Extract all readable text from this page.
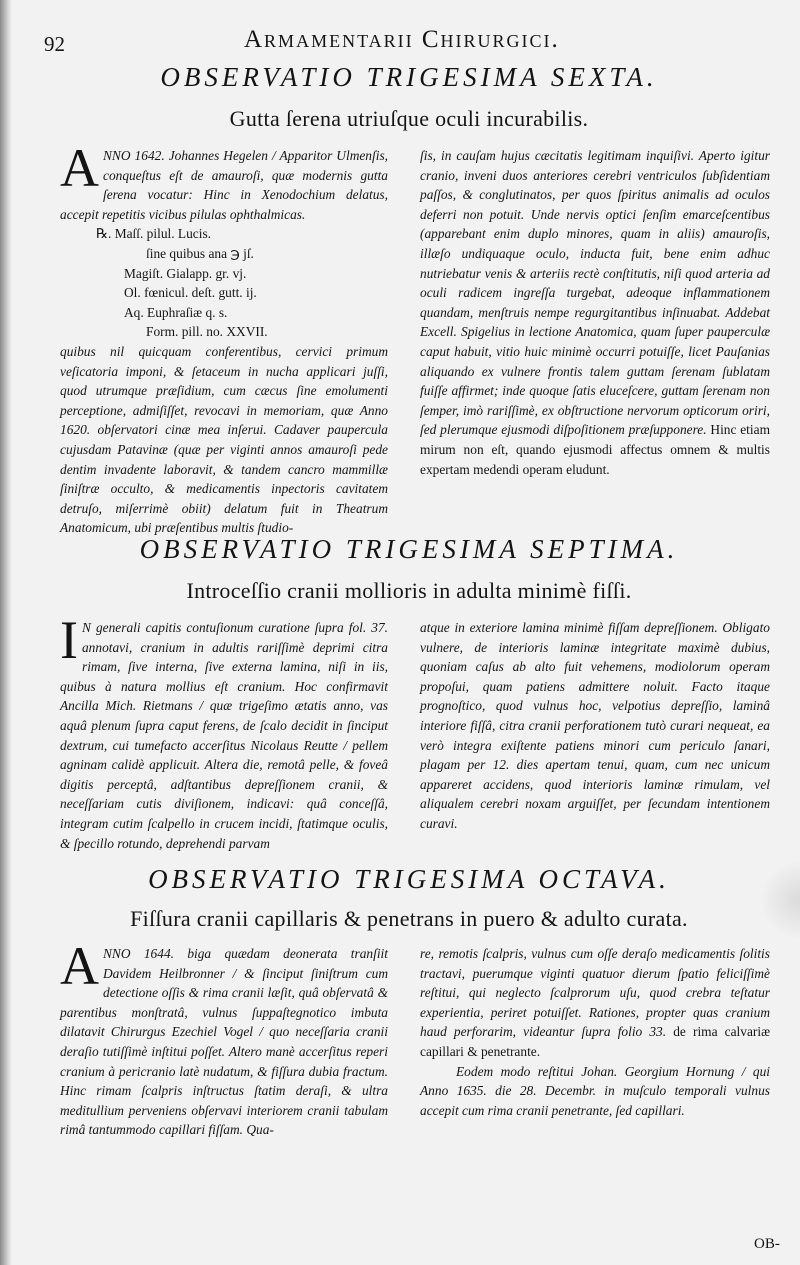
92	Armamentarii Chirurgici.
OBSERVATIO TRIGESIMA SEXTA.
Gutta ſerena utriuſque oculi incurabilis.

A NNO 1642. Johannes Hegelen / Apparitor Ulmenſis, conqueſtus eſt de amauroſi, quæ modernis gutta ſerena vocatur: Hinc in Xenodochium delatus, accepit repetitis vicibus pilulas ophthalmicas.

℞. Maſſ. pilul. Lucis.
ſine quibus ana ℈ jſ.
Magiſt. Gialapp. gr. vj.
Ol. fœnicul. deſt. gutt. ij.
Aq. Euphraſiæ q. s.
Form. pill. no. XXVII.

quibus nil quicquam conferentibus, cervici primum veſicatoria imponi, & ſetaceum in nucha applicari juſſi, quod utrumque præſidium, cum cæcus ſine emolumenti perceptione, admiſiſſet, revocavi in memoriam, quæ Anno 1620. obſervatori cinæ mea inſerui. Cadaver paupercula cujusdam Patavinæ (quæ per viginti annos amauroſi pede dentim invadente laboravit, & tandem cancro mammillæ ſiniſtræ occulto, & medicamentis inpectoris cavitatem detruſo, miſerrimè obiit) delatum fuit in Theatrum Anatomicum, ubi præſentibus multis ſtudio-

ſis, in cauſam hujus cæcitatis legitimam inquiſivi. Aperto igitur cranio, inveni duos anteriores cerebri ventriculos ſubſidentiam paſſos, & conglutinatos, per quos ſpiritus animalis ad oculos deferri non potuit. Unde nervis optici ſenſim emarceſcentibus (apparebant enim duplo minores, quam in aliis) amauroſis, illæſo undiquaque oculo, inducta fuit, bene enim adhuc nutriebatur venis & arteriis rectè conſtitutis, niſi quod arteria ad oculi radicem ingreſſa turgebat, adeoque inflammationem quandam, menſtruis nempe regurgitantibus inſinuabat. Addebat Excell. Spigelius in lectione Anatomica, quam ſuper pauperculæ caput habuit, vitio huic minimè occurri potuiſſe, licet Pauſanias aliquando ex vulnere frontis talem guttam ſerenam ſublatam fuiſſe affirmet; inde quoque ſatis eluceſcere, guttam ſerenam non ſemper, imò rariſſimè, ex obſtructione nervorum opticorum oriri, ſed plerumque ejusmodi diſpoſitionem præſupponere. Hinc etiam mirum non eſt, quando ejusmodi affectus omnem & multis expertam medendi operam eludunt.

OBSERVATIO TRIGESIMA SEPTIMA.
Introceſſio cranii mollioris in adulta minimè fiſſi.

I N generali capitis contuſionum curatione ſupra fol. 37. annotavi, cranium in adultis rariſſimè deprimi citra rimam, ſive interna, ſive externa lamina, niſi in iis, quibus à natura mollius eſt cranium. Hoc confirmavit Ancilla Mich. Rietmans / quæ trigeſimo ætatis anno, vas aquâ plenum ſupra caput ferens, de ſcalo decidit in ſinciput dextrum, cui tumefacto accerſitus Nicolaus Reutte / pellem agninam calidè applicuit. Altera die, remotâ pelle, & foveâ digitis perceptâ, adſtantibus depreſſionem cranii, & neceſſariam cutis diviſionem, indicavi: quâ conceſſâ, integram cutim ſcalpello in crucem incidi, ſtatimque oculis, & ſpecillo rotundo, deprehendi parvam

atque in exteriore lamina minimè fiſſam depreſſionem. Obligato vulnere, de interioris laminæ integritate maximè dubius, quoniam caſus ab alto fuit vehemens, modiolorum operam propoſui, quam patiens admittere noluit. Facto itaque prognoſtico, quod vulnus hoc, velpotius depreſſio, laminâ interiore fiſſâ, citra cranii perforationem tutò curari nequeat, ea verò integra exiſtente patiens minori cum periculo ſanari, plagam per 12. dies apertam tenui, quam, cum nec unicum appareret accidens, quod interioris laminæ rimulam, vel aliqualem cerebri noxam arguiſſet, per ſecundam intentionem curavi.

OBSERVATIO TRIGESIMA OCTAVA.
Fiſſura cranii capillaris & penetrans in puero & adulto curata.

A NNO 1644. biga quædam deonerata tranſiit Davidem Heilbronner / & ſinciput ſiniſtrum cum detectione oſſis & rima cranii læſit, quâ obſervatâ & parentibus monſtratâ, vulnus ſuppaſtegnotico imbuta dilatavit Chirurgus Ezechiel Vogel / quo neceſſaria cranii deraſio tutiſſimè inſtitui poſſet. Altero manè accerſitus reperi cranium à pericranio latè nudatum, & fiſſura dubia fractum. Hinc rimam ſcalpris inſtructus ſtatim deraſi, & ultra meditullium perveniens obſervavi interiorem cranii tabulam rimâ tantummodo capillari fiſſam. Qua-

re, remotis ſcalpris, vulnus cum oſſe deraſo medicamentis ſolitis tractavi, puerumque viginti quatuor dierum ſpatio feliciſſimè reſtitui, qui neglecto ſcalprorum uſu, quod crebra teſtatur experientia, periret potuiſſet. Rationes, propter quas cranium haud perforarim, videantur ſupra folio 33. de rima calvariæ capillari & penetrante.

Eodem modo reſtitui Johan. Georgium Hornung / qui Anno 1635. die 28. Decembr. in muſculo temporali vulnus accepit cum rima cranii penetrante, ſed capillari.

OB-
